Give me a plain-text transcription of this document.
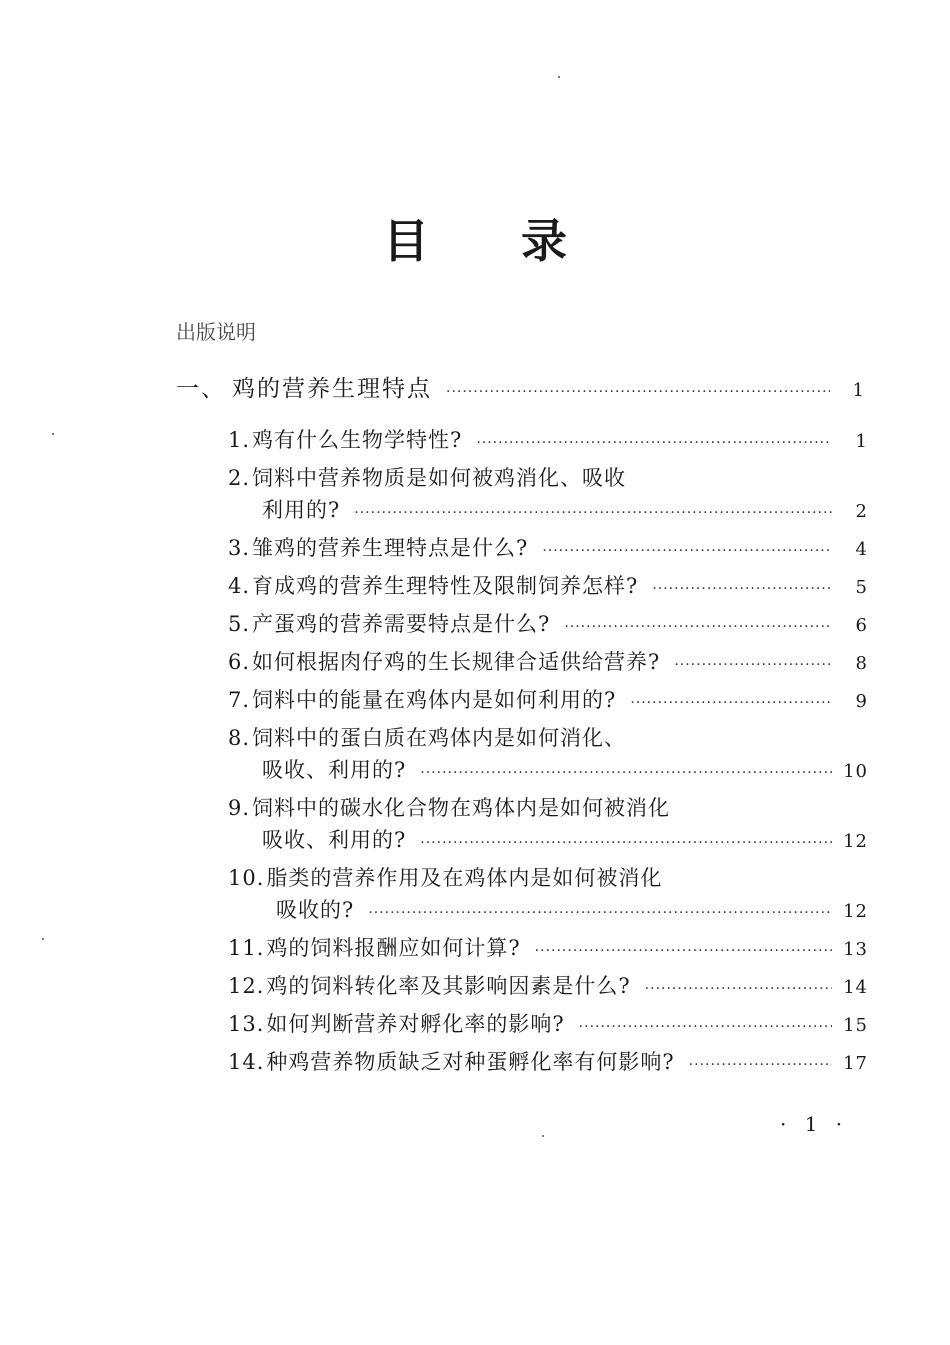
目 录
出版说明
一、 鸡的营养生理特点 ·····	1
1. 鸡有什么生物学特性? ·····	1
2. 饲料中营养物质是如何被鸡消化、吸收
利用的? ·····	2
3. 雏鸡的营养生理特点是什么? ·····	4
4. 育成鸡的营养生理特性及限制饲养怎样? ·····	5
5. 产蛋鸡的营养需要特点是什么? ·····	6
6. 如何根据肉仔鸡的生长规律合适供给营养? ·····	8
7. 饲料中的能量在鸡体内是如何利用的? ·····	9
8. 饲料中的蛋白质在鸡体内是如何消化、
吸收、利用的? ·····	10
9. 饲料中的碳水化合物在鸡体内是如何被消化
吸收、利用的? ·····	12
10. 脂类的营养作用及在鸡体内是如何被消化
吸收的? ·····	12
11. 鸡的饲料报酬应如何计算? ·····	13
12. 鸡的饲料转化率及其影响因素是什么? ·····	14
13. 如何判断营养对孵化率的影响? ·····	15
14. 种鸡营养物质缺乏对种蛋孵化率有何影响? ·····	17
· 1 ·
